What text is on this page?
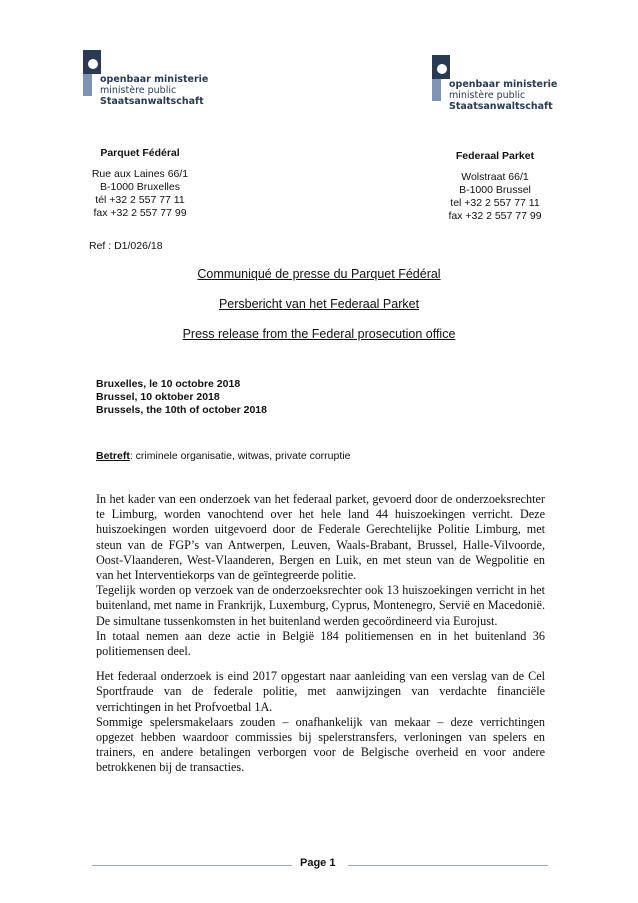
openbaar ministerie
ministère public
Staatsanwaltschaft
openbaar ministerie
ministère public
Staatsanwaltschaft
Parquet Fédéral
Rue aux Laines 66/1
B-1000 Bruxelles
tél +32 2 557 77 11
fax +32 2 557 77 99
Federaal Parket
Wolstraat 66/1
B-1000 Brussel
tel +32 2 557 77 11
fax +32 2 557 77 99
Ref : D1/026/18
Communiqué de presse du Parquet Fédéral
Persbericht van het Federaal Parket
Press release from the Federal prosecution office
Bruxelles, le 10 octobre 2018
Brussel, 10 oktober 2018
Brussels, the 10th of october 2018
Betreft: criminele organisatie, witwas, private corruptie

In het kader van een onderzoek van het federaal parket, gevoerd door de onderzoeksrechter te Limburg, worden vanochtend over het hele land 44 huiszoekingen verricht. Deze huiszoekingen worden uitgevoerd door de Federale Gerechtelijke Politie Limburg, met steun van de FGP’s van Antwerpen, Leuven, Waals-Brabant, Brussel, Halle-Vilvoorde, Oost-Vlaanderen, West-Vlaanderen, Bergen en Luik, en met steun van de Wegpolitie en van het Interventiekorps van de geïntegreerde politie.

Tegelijk worden op verzoek van de onderzoeksrechter ook 13 huiszoekingen verricht in het buitenland, met name in Frankrijk, Luxemburg, Cyprus, Montenegro, Servië en Macedonië. De simultane tussenkomsten in het buitenland werden gecoördineerd via Eurojust.

In totaal nemen aan deze actie in België 184 politiemensen en in het buitenland 36 politiemensen deel.

Het federaal onderzoek is eind 2017 opgestart naar aanleiding van een verslag van de Cel Sportfraude van de federale politie, met aanwijzingen van verdachte financiële verrichtingen in het Profvoetbal 1A.

Sommige spelersmakelaars zouden – onafhankelijk van mekaar – deze verrichtingen opgezet hebben waardoor commissies bij spelerstransfers, verloningen van spelers en trainers, en andere betalingen verborgen voor de Belgische overheid en voor andere betrokkenen bij de transacties.

Page 1
